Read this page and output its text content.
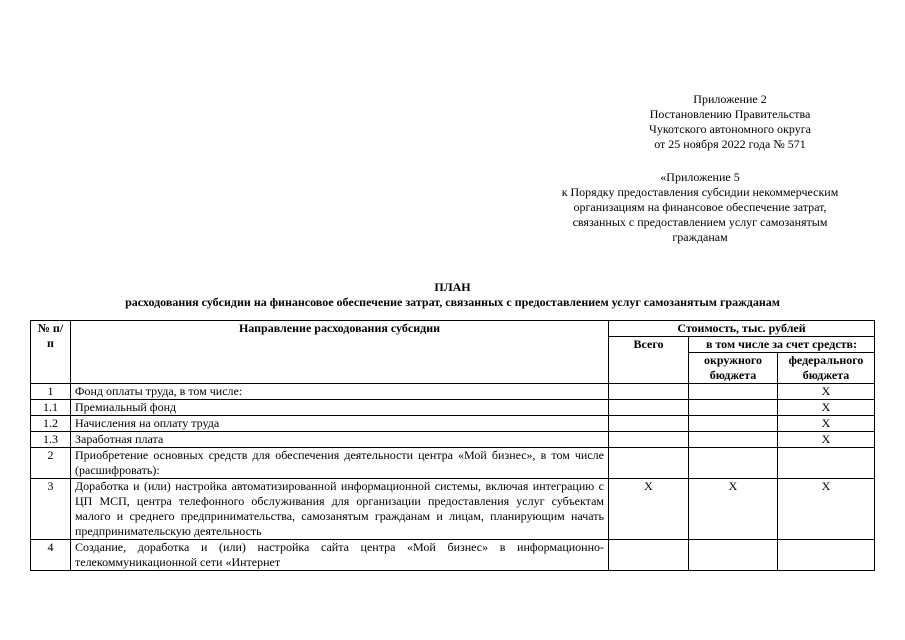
Приложение 2
Постановлению Правительства
Чукотского автономного округа
от 25 ноября 2022 года № 571
«Приложение 5
к Порядку предоставления субсидии некоммерческим
организациям на финансовое обеспечение затрат,
связанных с предоставлением услуг самозанятым
гражданам
ПЛАН
расходования субсидии на финансовое обеспечение затрат, связанных с предоставлением услуг самозанятым гражданам
№ п/п	Направление расходования субсидии	Стоимость, тыс. рублей		
		Всего	в том числе за счет средств:	
			окружного бюджета	федерального бюджета
1	Фонд оплаты труда, в том числе:			X
1.1	Премиальный фонд			X
1.2	Начисления на оплату труда			X
1.3	Заработная плата			X
2	Приобретение основных средств для обеспечения деятельности центра «Мой бизнес», в том числе (расшифровать):			
3	Доработка и (или) настройка автоматизированной информационной системы, включая интеграцию с ЦП МСП, центра телефонного обслуживания для организации предоставления услуг субъектам малого и среднего предпринимательства, самозанятым гражданам и лицам, планирующим начать предпринимательскую деятельность	X	X	X
4	Создание, доработка и (или) настройка сайта центра «Мой бизнес» в информационно-телекоммуникационной сети «Интернет			
